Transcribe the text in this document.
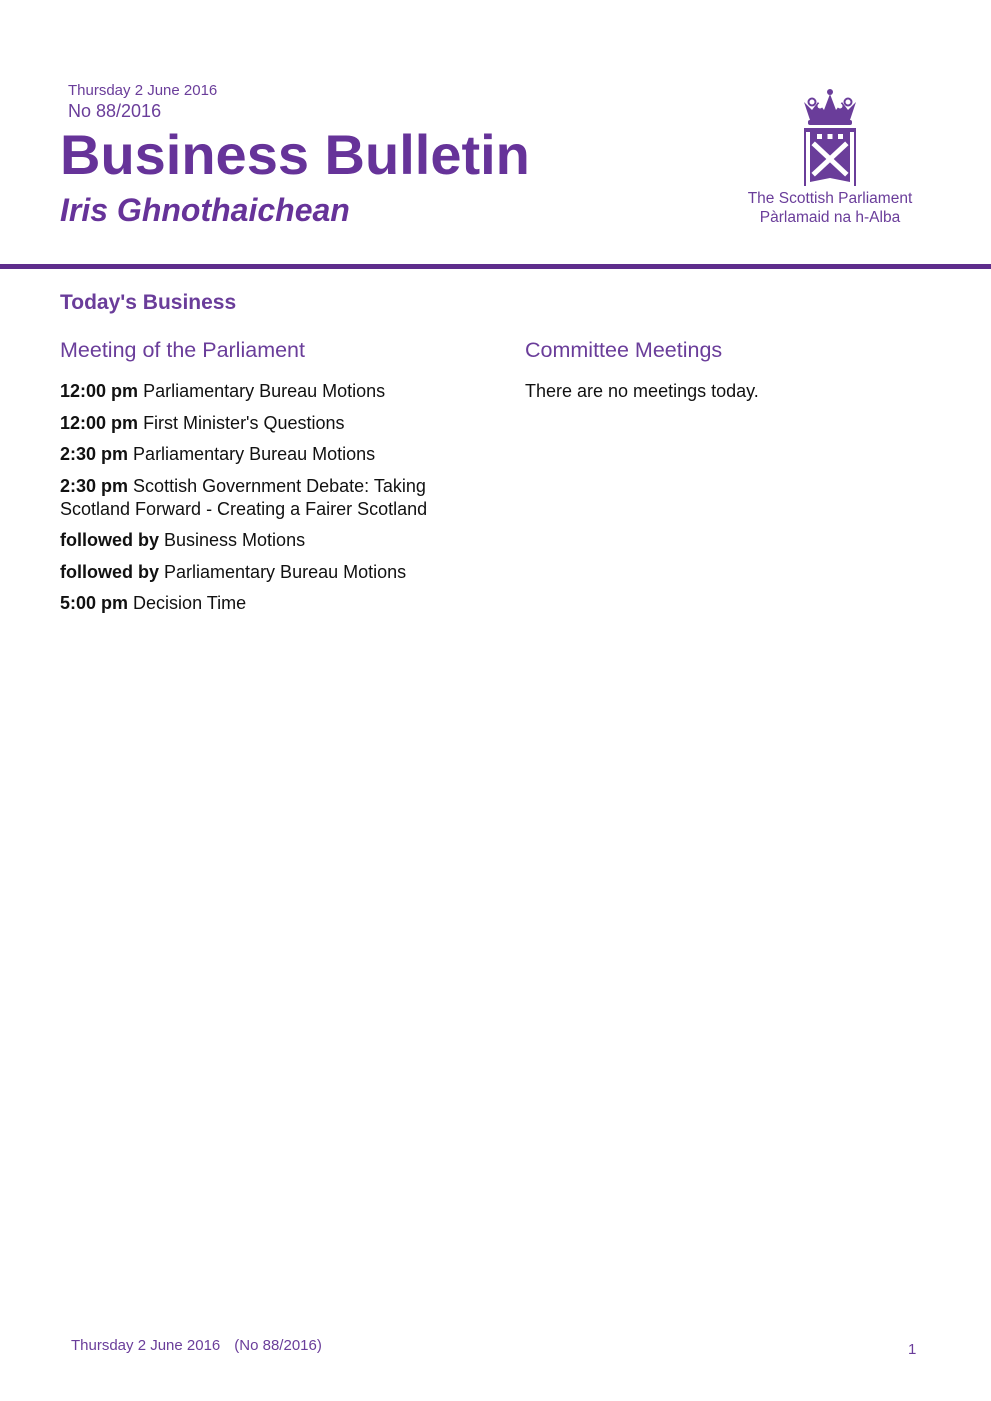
Thursday 2 June 2016
No 88/2016
Business Bulletin
Iris Ghnothaichean	The Scottish Parliament
Pàrlamaid na h-Alba
Today's Business
Meeting of the Parliament	Committee Meetings
12:00 pm Parliamentary Bureau Motions
12:00 pm First Minister's Questions
2:30 pm Parliamentary Bureau Motions
2:30 pm Scottish Government Debate: Taking Scotland Forward - Creating a Fairer Scotland
followed by Business Motions
followed by Parliamentary Bureau Motions
5:00 pm Decision Time
There are no meetings today.
Thursday 2 June 2016 (No 88/2016)	1
